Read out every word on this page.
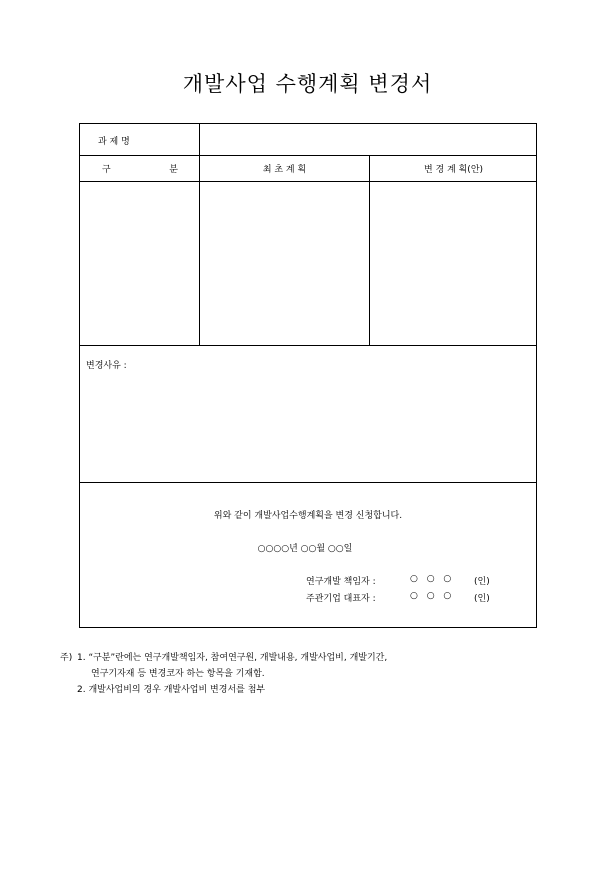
개발사업 수행계획 변경서
과 제 명
구	분	최 초 계 획	변 경 계 획(안)
변경사유 :
위와 같이 개발사업수행계획을 변경 신청합니다.
○○○○년 ○○월 ○○일
연구개발 책임자 :	○ ○ ○	(인)
주관기업 대표자 :	○ ○ ○	(인)
주) 1. “구분”란에는 연구개발책임자, 참여연구원, 개발내용, 개발사업비, 개발기간,
연구기자재 등 변경코자 하는 항목을 기재함.
2. 개발사업비의 경우 개발사업비 변경서를 첨부
